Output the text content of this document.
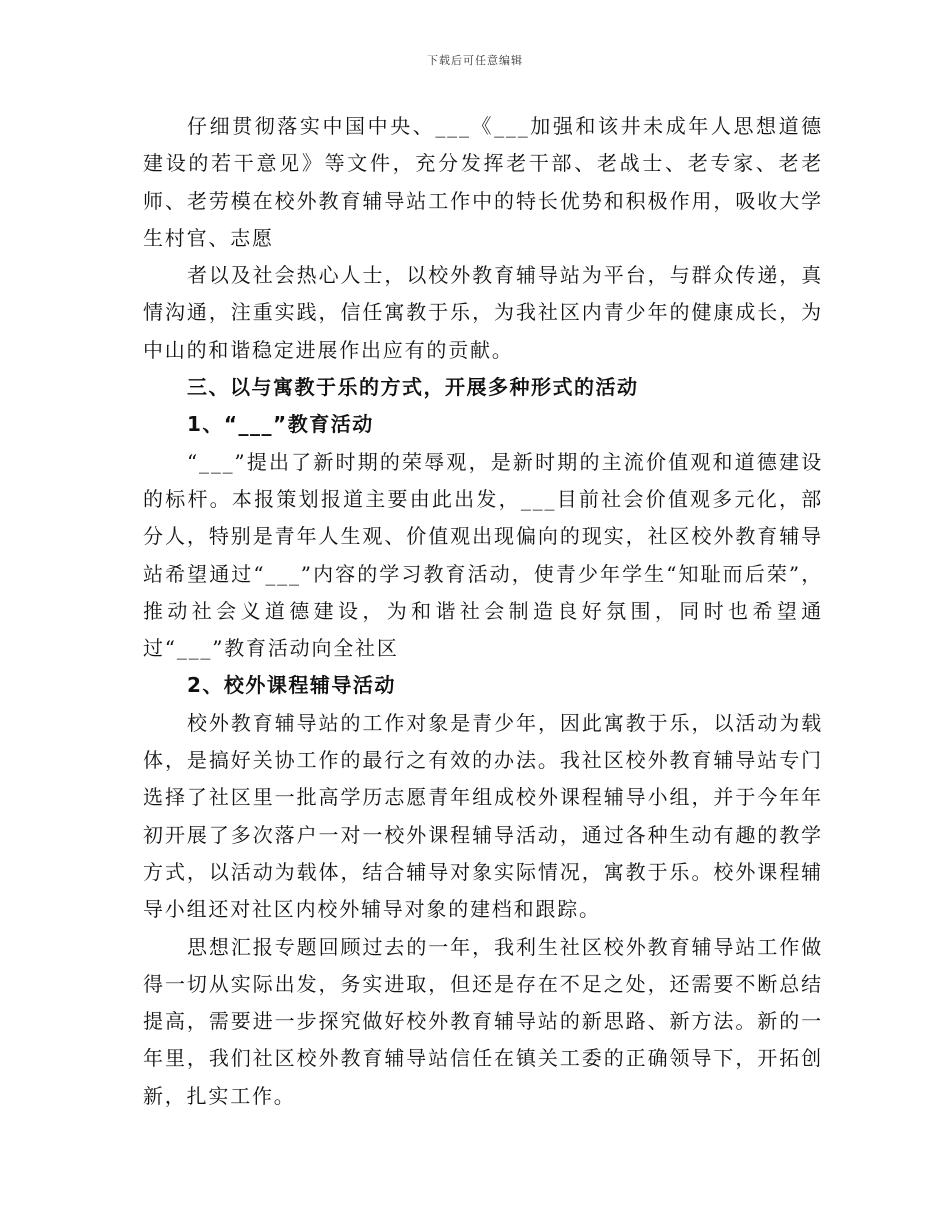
下载后可任意编辑

仔细贯彻落实中国中央、___《___加强和该井未成年人思想道德建设的若干意见》等文件，充分发挥老干部、老战士、老专家、老老师、老劳模在校外教育辅导站工作中的特长优势和积极作用，吸收大学生村官、志愿

者以及社会热心人士，以校外教育辅导站为平台，与群众传递，真情沟通，注重实践，信任寓教于乐，为我社区内青少年的健康成长，为中山的和谐稳定进展作出应有的贡献。

三、以与寓教于乐的方式，开展多种形式的活动

1、“___”教育活动

“___”提出了新时期的荣辱观，是新时期的主流价值观和道德建设的标杆。本报策划报道主要由此出发，___目前社会价值观多元化，部分人，特别是青年人生观、价值观出现偏向的现实，社区校外教育辅导站希望通过“___”内容的学习教育活动，使青少年学生“知耻而后荣”，推动社会义道德建设，为和谐社会制造良好氛围，同时也希望通过“___”教育活动向全社区

2、校外课程辅导活动

校外教育辅导站的工作对象是青少年，因此寓教于乐，以活动为载体，是搞好关协工作的最行之有效的办法。我社区校外教育辅导站专门选择了社区里一批高学历志愿青年组成校外课程辅导小组，并于今年年初开展了多次落户一对一校外课程辅导活动，通过各种生动有趣的教学方式，以活动为载体，结合辅导对象实际情况，寓教于乐。校外课程辅导小组还对社区内校外辅导对象的建档和跟踪。

思想汇报专题回顾过去的一年，我利生社区校外教育辅导站工作做得一切从实际出发，务实进取，但还是存在不足之处，还需要不断总结提高，需要进一步探究做好校外教育辅导站的新思路、新方法。新的一年里，我们社区校外教育辅导站信任在镇关工委的正确领导下，开拓创新，扎实工作。
